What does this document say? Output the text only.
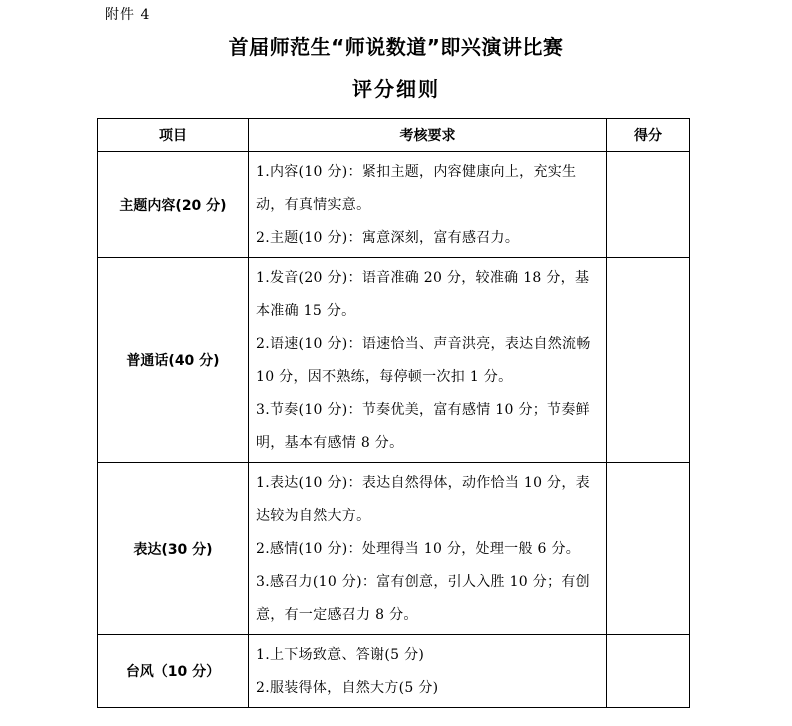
附件 4
首届师范生“师说数道”即兴演讲比赛
评分细则
项目	考核要求	得分
主题内容(20 分)	1.内容(10 分)：紧扣主题，内容健康向上，充实生动，有真情实意。

2.主题(10 分)：寓意深刻，富有感召力。	

普通话(40 分)	1.发音(20 分)：语音准确 20 分，较准确 18 分，基本准确 15 分。

2.语速(10 分)：语速恰当、声音洪亮，表达自然流畅 10 分，因不熟练，每停顿一次扣 1 分。

3.节奏(10 分)：节奏优美，富有感情 10 分；节奏鲜明，基本有感情 8 分。	

表达(30 分)	1.表达(10 分)：表达自然得体，动作恰当 10 分，表达较为自然大方。

2.感情(10 分)：处理得当 10 分，处理一般 6 分。

3.感召力(10 分)：富有创意，引人入胜 10 分；有创意，有一定感召力 8 分。	

台风（10 分）	1.上下场致意、答谢(5 分)

2.服装得体，自然大方(5 分)	
